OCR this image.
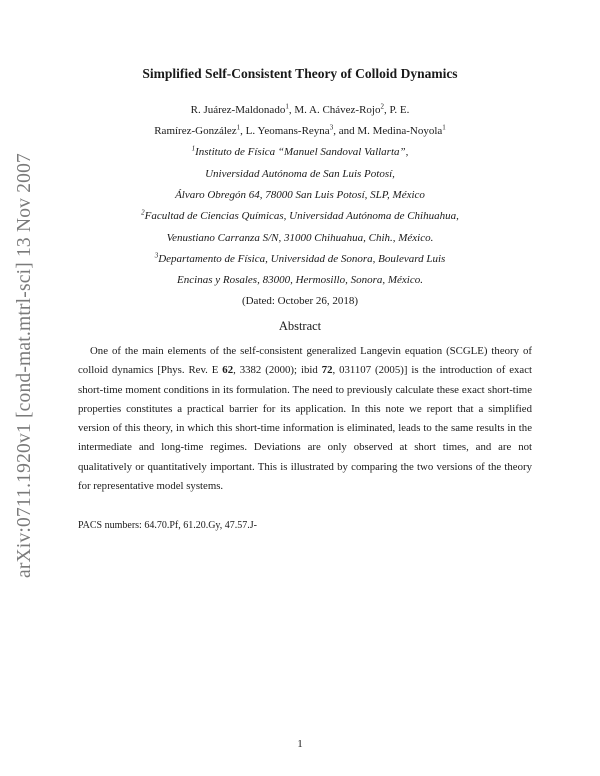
arXiv:0711.1920v1 [cond-mat.mtrl-sci] 13 Nov 2007
Simplified Self-Consistent Theory of Colloid Dynamics
R. Juárez-Maldonado$^1$, M. A. Chávez-Rojo$^2$, P. E.
Ramírez-González$^1$, L. Yeomans-Reyna$^3$, and M. Medina-Noyola$^1$
$^1$Instituto de Física “Manuel Sandoval Vallarta”,
Universidad Autónoma de San Luis Potosí,
Álvaro Obregón 64, 78000 San Luis Potosí, SLP, México
$^2$Facultad de Ciencias Químicas, Universidad Autónoma de Chihuahua,
Venustiano Carranza S/N, 31000 Chihuahua, Chih., México.
$^3$Departamento de Física, Universidad de Sonora, Boulevard Luis
Encinas y Rosales, 83000, Hermosillo, Sonora, México.
(Dated: October 26, 2018)
Abstract
One of the main elements of the self-consistent generalized Langevin equation (SCGLE) theory of colloid dynamics [Phys. Rev. E 62, 3382 (2000); ibid 72, 031107 (2005)] is the introduction of exact short-time moment conditions in its formulation. The need to previously calculate these exact short-time properties constitutes a practical barrier for its application. In this note we report that a simplified version of this theory, in which this short-time information is eliminated, leads to the same results in the intermediate and long-time regimes. Deviations are only observed at short times, and are not qualitatively or quantitatively important. This is illustrated by comparing the two versions of the theory for representative model systems.
PACS numbers: 64.70.Pf, 61.20.Gy, 47.57.J-
1
